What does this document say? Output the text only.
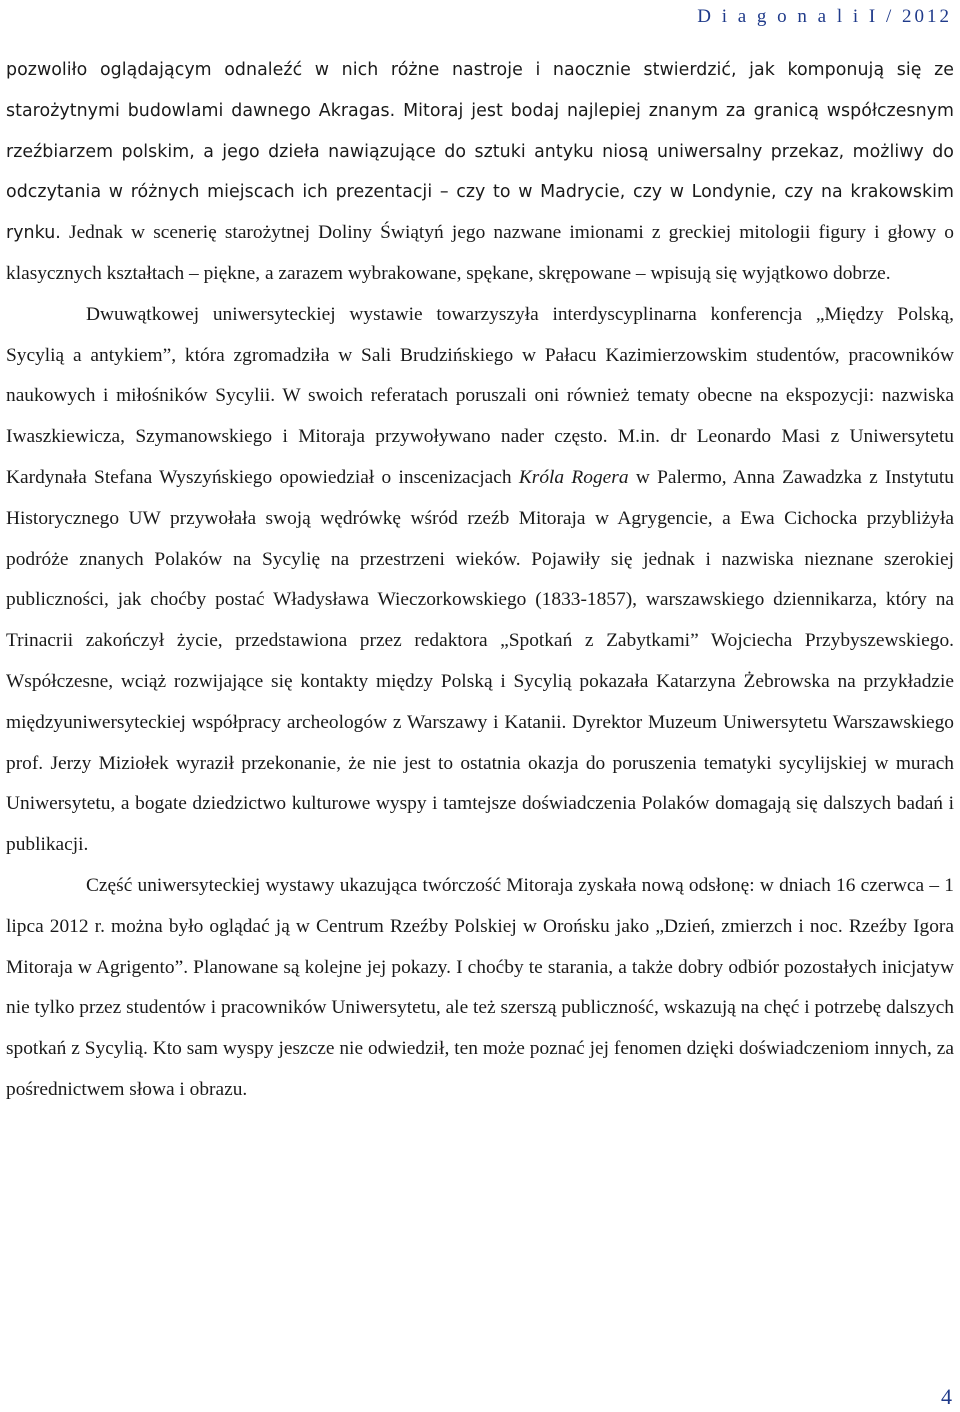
D i a g o n a l i I / 2012

pozwoliło oglądającym odnaleźć w nich różne nastroje i naocznie stwierdzić, jak komponują się ze starożytnymi budowlami dawnego Akragas. Mitoraj jest bodaj najlepiej znanym za granicą współczesnym rzeźbiarzem polskim, a jego dzieła nawiązujące do sztuki antyku niosą uniwersalny przekaz, możliwy do odczytania w różnych miejscach ich prezentacji – czy to w Madrycie, czy w Londynie, czy na krakowskim rynku. Jednak w scenerię starożytnej Doliny Świątyń jego nazwane imionami z greckiej mitologii figury i głowy o klasycznych kształtach – piękne, a zarazem wybrakowane, spękane, skrępowane – wpisują się wyjątkowo dobrze.

Dwuwątkowej uniwersyteckiej wystawie towarzyszyła interdyscyplinarna konferencja „Między Polską, Sycylią a antykiem”, która zgromadziła w Sali Brudzińskiego w Pałacu Kazimierzowskim studentów, pracowników naukowych i miłośników Sycylii. W swoich referatach poruszali oni również tematy obecne na ekspozycji: nazwiska Iwaszkiewicza, Szymanowskiego i Mitoraja przywoływano nader często. M.in. dr Leonardo Masi z Uniwersytetu Kardynała Stefana Wyszyńskiego opowiedział o inscenizacjach Króla Rogera w Palermo, Anna Zawadzka z Instytutu Historycznego UW przywołała swoją wędrówkę wśród rzeźb Mitoraja w Agrygencie, a Ewa Cichocka przybliżyła podróże znanych Polaków na Sycylię na przestrzeni wieków. Pojawiły się jednak i nazwiska nieznane szerokiej publiczności, jak choćby postać Władysława Wieczorkowskiego (1833-1857), warszawskiego dziennikarza, który na Trinacrii zakończył życie, przedstawiona przez redaktora „Spotkań z Zabytkami” Wojciecha Przybyszewskiego. Współczesne, wciąż rozwijające się kontakty między Polską i Sycylią pokazała Katarzyna Żebrowska na przykładzie międzyuniwersyteckiej współpracy archeologów z Warszawy i Katanii. Dyrektor Muzeum Uniwersytetu Warszawskiego prof. Jerzy Miziołek wyraził przekonanie, że nie jest to ostatnia okazja do poruszenia tematyki sycylijskiej w murach Uniwersytetu, a bogate dziedzictwo kulturowe wyspy i tamtejsze doświadczenia Polaków domagają się dalszych badań i publikacji.

Część uniwersyteckiej wystawy ukazująca twórczość Mitoraja zyskała nową odsłonę: w dniach 16 czerwca – 1 lipca 2012 r. można było oglądać ją w Centrum Rzeźby Polskiej w Orońsku jako „Dzień, zmierzch i noc. Rzeźby Igora Mitoraja w Agrigento”. Planowane są kolejne jej pokazy. I choćby te starania, a także dobry odbiór pozostałych inicjatyw nie tylko przez studentów i pracowników Uniwersytetu, ale też szerszą publiczność, wskazują na chęć i potrzebę dalszych spotkań z Sycylią. Kto sam wyspy jeszcze nie odwiedził, ten może poznać jej fenomen dzięki doświadczeniom innych, za pośrednictwem słowa i obrazu.

4
